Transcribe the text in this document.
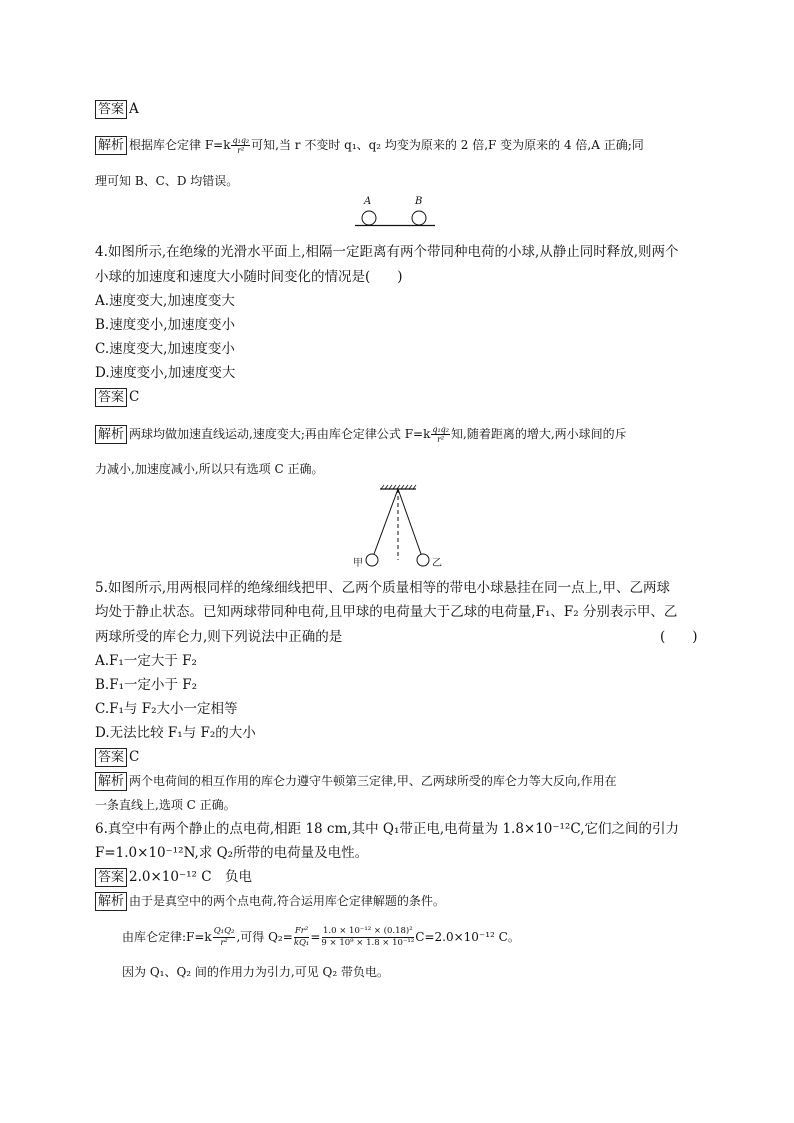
答案 A
解析 根据库仑定律 $F=k \frac{\text{q₁q₂}}{\text{r²}}$ 可知,当 r 不变时 q₁、q₂ 均变为原来的 2 倍,F 变为原来的 4 倍,A 正确;同
理可知 B、C、D 均错误。
A	B
4.如图所示,在绝缘的光滑水平面上,相隔一定距离有两个带同种电荷的小球,从静止同时释放,则两个
小球的加速度和速度大小随时间变化的情况是(　　)
A.速度变大,加速度变大
B.速度变小,加速度变小
C.速度变大,加速度变小
D.速度变小,加速度变大
答案 C
解析 两球均做加速直线运动,速度变大;再由库仑定律公式 $F=k \frac{\text{q₁q₂}}{\text{r²}}$ 知,随着距离的增大,两小球间的斥
力减小,加速度减小,所以只有选项 C 正确。
甲	乙
5.如图所示,用两根同样的绝缘细线把甲、乙两个质量相等的带电小球悬挂在同一点上,甲、乙两球
均处于静止状态。已知两球带同种电荷,且甲球的电荷量大于乙球的电荷量,F₁、F₂ 分别表示甲、乙
两球所受的库仑力,则下列说法中正确的是	(　　)
A.F₁一定大于 F₂
B.F₁一定小于 F₂
C.F₁与 F₂大小一定相等
D.无法比较 F₁与 F₂的大小
答案 C
解析 两个电荷间的相互作用的库仑力遵守牛顿第三定律,甲、乙两球所受的库仑力等大反向,作用在
一条直线上,选项 C 正确。
6.真空中有两个静止的点电荷,相距 18 cm,其中 Q₁带正电,电荷量为 1.8×10⁻¹²C,它们之间的引力
F=1.0×10⁻¹²N,求 Q₂所带的电荷量及电性。
答案 2.0×10⁻¹² C　负电
解析 由于是真空中的两个点电荷,符合运用库仑定律解题的条件。
由库仑定律:F=k $\frac{\text{Q₁Q₂}}{\text{r²}}$ ,可得 $Q_2= \frac{\text{Fr²}}{\text{kQ₁}} = \frac{\text{1.0 × 10⁻¹² × (0.18)²}}{\text{9 × 10⁹ × 1.8 × 10⁻¹²}} C=2.0\times 10^{-12}$ C。
因为 Q₁、Q₂ 间的作用力为引力,可见 Q₂ 带负电。
